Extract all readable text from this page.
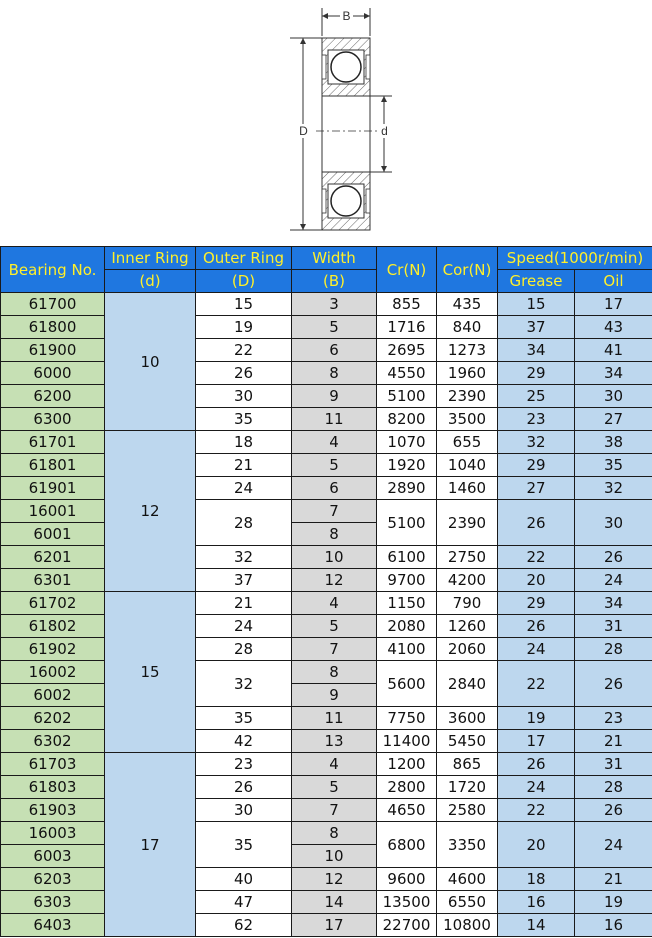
B
D	d
Bearing No.	Inner Ring	Outer Ring	Width	Cr(N)	Cor(N)	Speed(1000r/min)	
	(d)	(D)	(B)			Grease	Oil
61700	10	15	3	855	435	15	17
61800		19	5	1716	840	37	43
61900		22	6	2695	1273	34	41
6000		26	8	4550	1960	29	34
6200		30	9	5100	2390	25	30
6300		35	11	8200	3500	23	27
61701	12	18	4	1070	655	32	38
61801		21	5	1920	1040	29	35
61901		24	6	2890	1460	27	32
16001		28	7	5100	2390	26	30
6001			8				
6201		32	10	6100	2750	22	26
6301		37	12	9700	4200	20	24
61702	15	21	4	1150	790	29	34
61802		24	5	2080	1260	26	31
61902		28	7	4100	2060	24	28
16002		32	8	5600	2840	22	26
6002			9				
6202		35	11	7750	3600	19	23
6302		42	13	11400	5450	17	21
61703	17	23	4	1200	865	26	31
61803		26	5	2800	1720	24	28
61903		30	7	4650	2580	22	26
16003		35	8	6800	3350	20	24
6003			10				
6203		40	12	9600	4600	18	21
6303		47	14	13500	6550	16	19
6403		62	17	22700	10800	14	16
